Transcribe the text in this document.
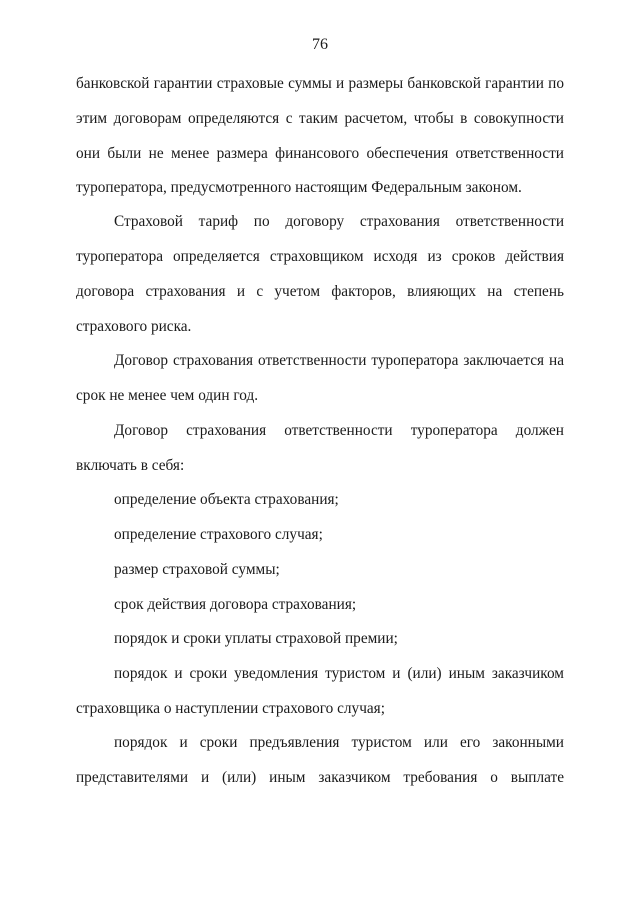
76
банковской гарантии страховые суммы и размеры банковской гарантии по
этим договорам определяются с таким расчетом, чтобы в совокупности
они были не менее размера финансового обеспечения ответственности
туроператора, предусмотренного настоящим Федеральным законом.
Страховой тариф по договору страхования ответственности
туроператора определяется страховщиком исходя из сроков действия
договора страхования и с учетом факторов, влияющих на степень
страхового риска.
Договор страхования ответственности туроператора заключается на
срок не менее чем один год.
Договор страхования ответственности туроператора должен
включать в себя:
определение объекта страхования;
определение страхового случая;
размер страховой суммы;
срок действия договора страхования;
порядок и сроки уплаты страховой премии;
порядок и сроки уведомления туристом и (или) иным заказчиком
страховщика о наступлении страхового случая;
порядок и сроки предъявления туристом или его законными
представителями и (или) иным заказчиком требования о выплате
